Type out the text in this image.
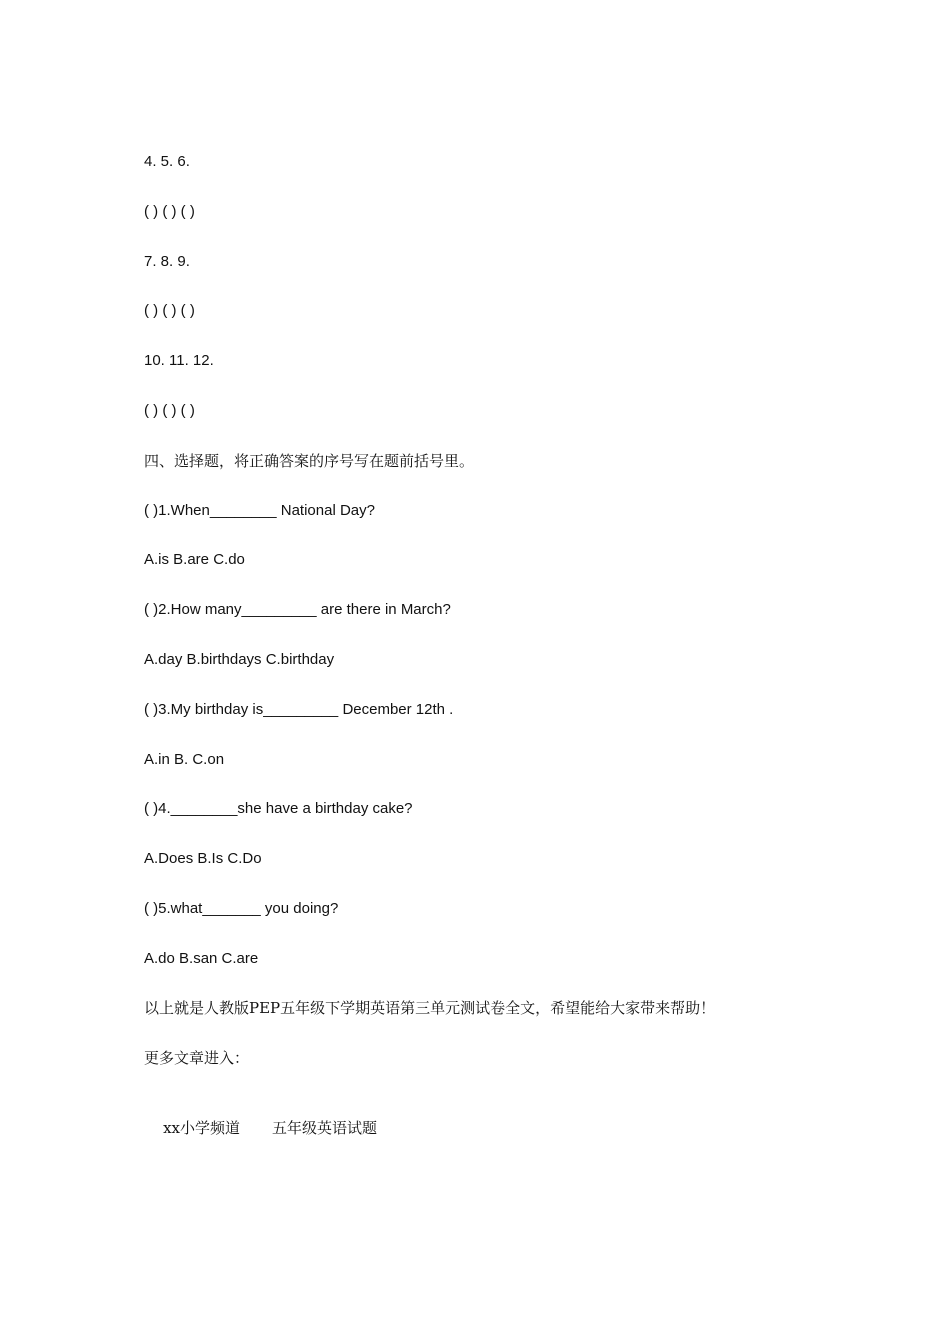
4. 5. 6.
( ) ( ) ( )
7. 8. 9.
( ) ( ) ( )
10. 11. 12.
( ) ( ) ( )
四、选择题，将正确答案的序号写在题前括号里。
( )1.When________ National Day?
A.is B.are C.do
( )2.How many_________ are there in March?
A.day B.birthdays C.birthday
( )3.My birthday is_________ December 12th .
A.in B. C.on
( )4.________she have a birthday cake?
A.Does B.Is C.Do
( )5.what_______ you doing?
A.do B.san C.are
以上就是人教版PEP五年级下学期英语第三单元测试卷全文，希望能给大家带来帮助！
更多文章进入：

xx小学频道 五年级英语试题
